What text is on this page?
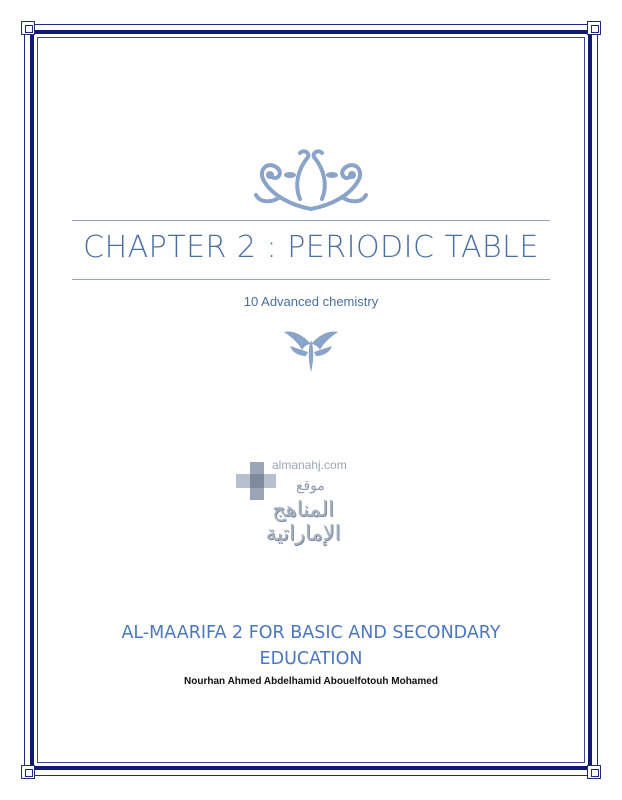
CHAPTER 2 : PERIODIC TABLE
10 Advanced chemistry
almanahj.com
موقع
المناهج الإماراتية
AL-MAARIFA 2 FOR BASIC AND SECONDARY EDUCATION
Nourhan Ahmed Abdelhamid Abouelfotouh Mohamed
